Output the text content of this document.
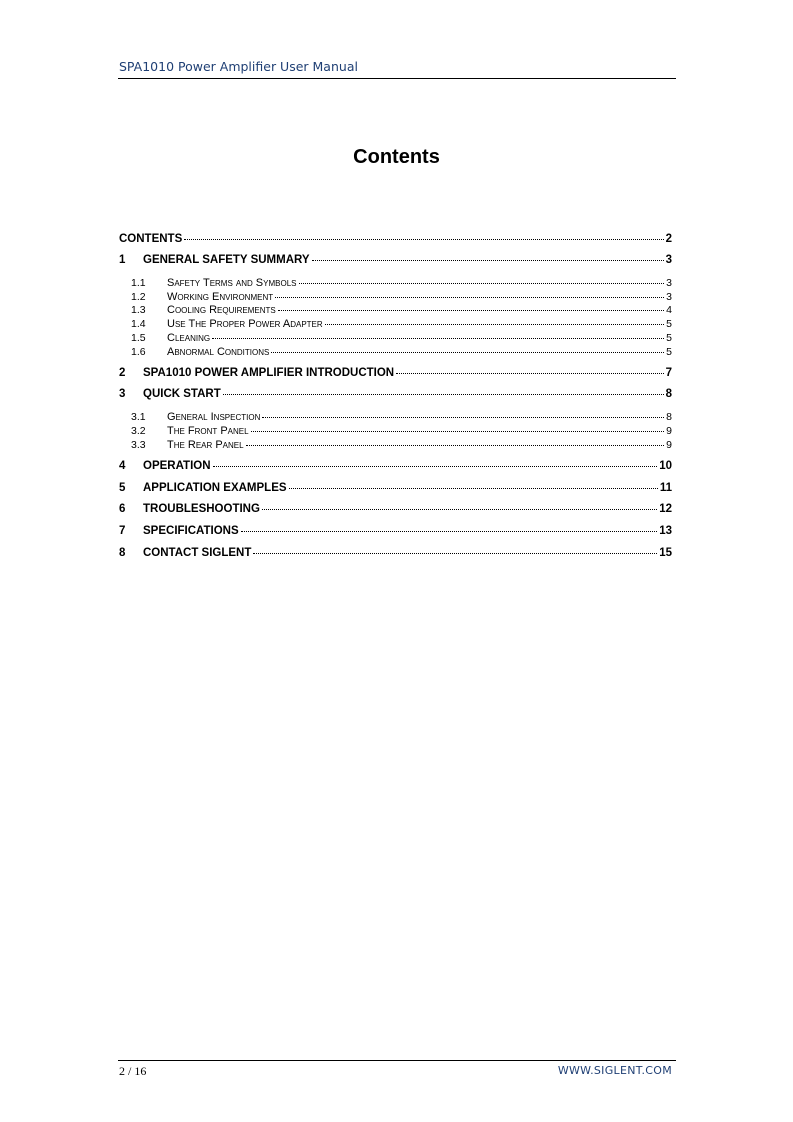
SPA1010 Power Amplifier User Manual
Contents
CONTENTS	2
1	GENERAL SAFETY SUMMARY	3
1.1	Safety Terms and Symbols	3
1.2	Working Environment	3
1.3	Cooling Requirements	4
1.4	Use The Proper Power Adapter	5
1.5	Cleaning	5
1.6	Abnormal Conditions	5
2	SPA1010 POWER AMPLIFIER INTRODUCTION	7
3	QUICK START	8
3.1	General Inspection	8
3.2	The Front Panel	9
3.3	The Rear Panel	9
4	OPERATION	10
5	APPLICATION EXAMPLES	11
6	TROUBLESHOOTING	12
7	SPECIFICATIONS	13
8	CONTACT SIGLENT	15
2 / 16	WWW.SIGLENT.COM
